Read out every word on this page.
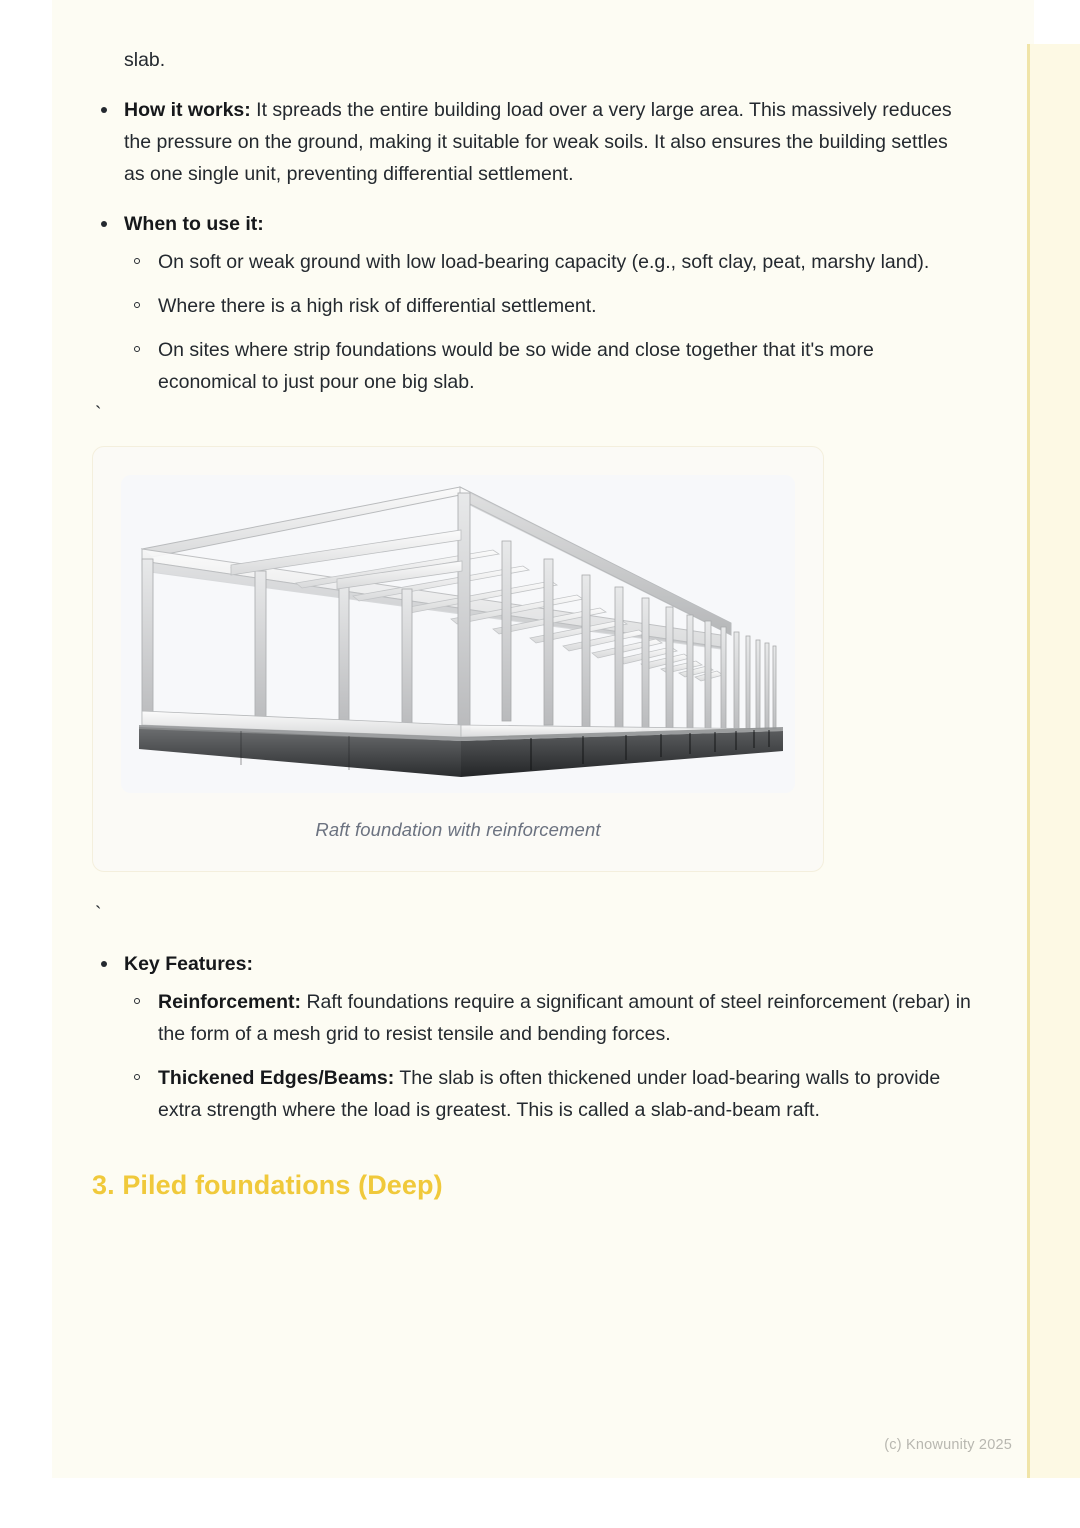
slab.
How it works: It spreads the entire building load over a very large area. This massively reduces the pressure on the ground, making it suitable for weak soils. It also ensures the building settles as one single unit, preventing differential settlement.
When to use it:
On soft or weak ground with low load-bearing capacity (e.g., soft clay, peat, marshy land).
Where there is a high risk of differential settlement.
On sites where strip foundations would be so wide and close together that it's more economical to just pour one big slab.
`
Raft foundation with reinforcement
`
Key Features:
Reinforcement: Raft foundations require a significant amount of steel reinforcement (rebar) in the form of a mesh grid to resist tensile and bending forces.
Thickened Edges/Beams: The slab is often thickened under load-bearing walls to provide extra strength where the load is greatest. This is called a slab-and-beam raft.
3. Piled foundations (Deep)
(c) Knowunity 2025
